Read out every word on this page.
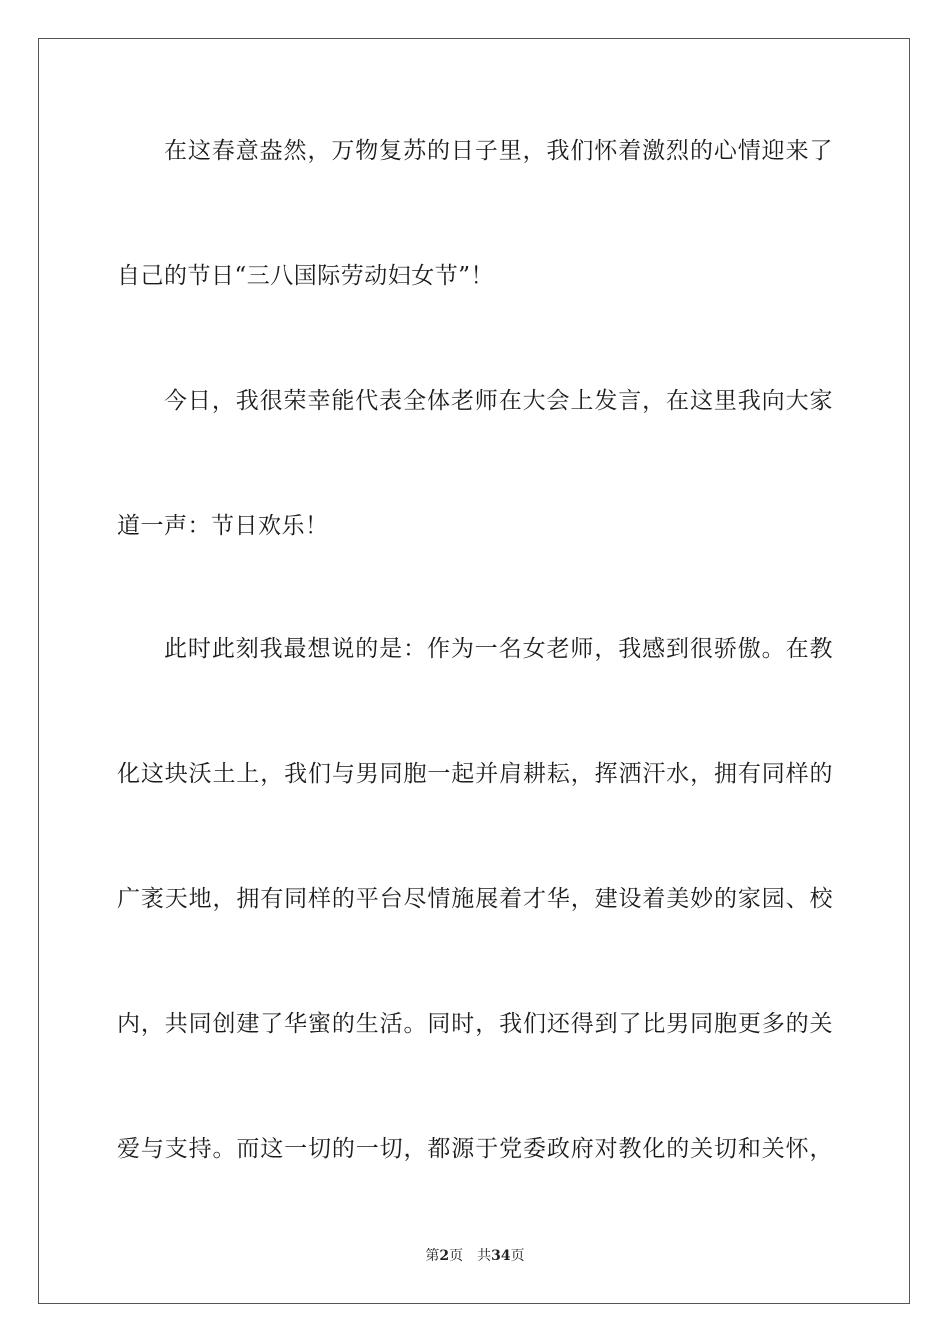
在这春意盎然，万物复苏的日子里，我们怀着激烈的心情迎来了
自己的节日“三八国际劳动妇女节”！
今日，我很荣幸能代表全体老师在大会上发言，在这里我向大家
道一声：节日欢乐！
此时此刻我最想说的是：作为一名女老师，我感到很骄傲。在教
化这块沃土上，我们与男同胞一起并肩耕耘，挥洒汗水，拥有同样的
广袤天地，拥有同样的平台尽情施展着才华，建设着美妙的家园、校
内，共同创建了华蜜的生活。同时，我们还得到了比男同胞更多的关
爱与支持。而这一切的一切，都源于党委政府对教化的关切和关怀，
第2页 共34页
